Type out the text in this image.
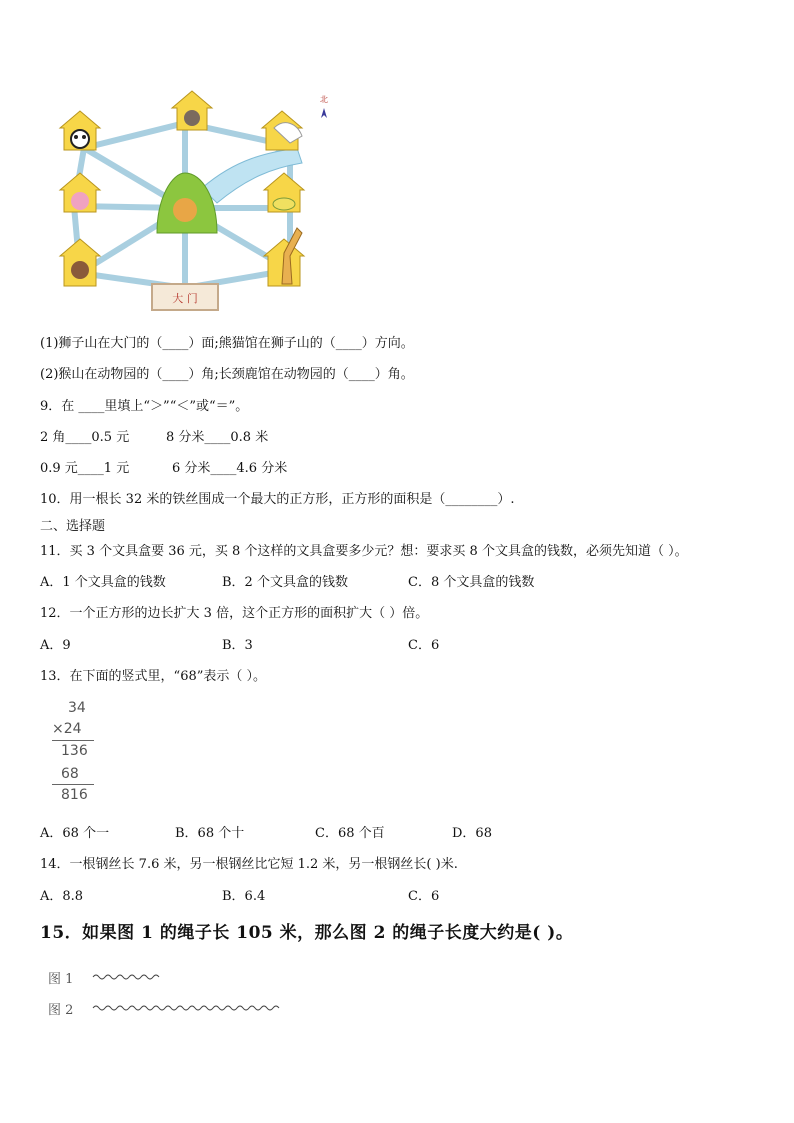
大 门
北
(1)狮子山在大门的（____）面;熊猫馆在狮子山的（____）方向。
(2)猴山在动物园的（____）角;长颈鹿馆在动物园的（____）角。
9．在 ____里填上“＞”“＜”或“＝”。
2 角____0.5 元	8 分米____0.8 米
0.9 元____1 元	6 分米____4.6 分米
10．用一根长 32 米的铁丝围成一个最大的正方形，正方形的面积是（________）.
二、选择题
11．买 3 个文具盒要 36 元，买 8 个这样的文具盒要多少元？想：要求买 8 个文具盒的钱数，必须先知道（ ）。
A．1 个文具盒的钱数	B．2 个文具盒的钱数	C．8 个文具盒的钱数
12．一个正方形的边长扩大 3 倍，这个正方形的面积扩大（ ）倍。
A．9	B．3	C．6
13．在下面的竖式里，“68”表示（ ）。
34
×24
136
68
816
A．68 个一	B．68 个十	C．68 个百	D．68
14．一根钢丝长 7.6 米，另一根钢丝比它短 1.2 米，另一根钢丝长( )米.
A．8.8	B．6.4	C．6
15．如果图 1 的绳子长 105 米，那么图 2 的绳子长度大约是( )。
图 1
图 2
